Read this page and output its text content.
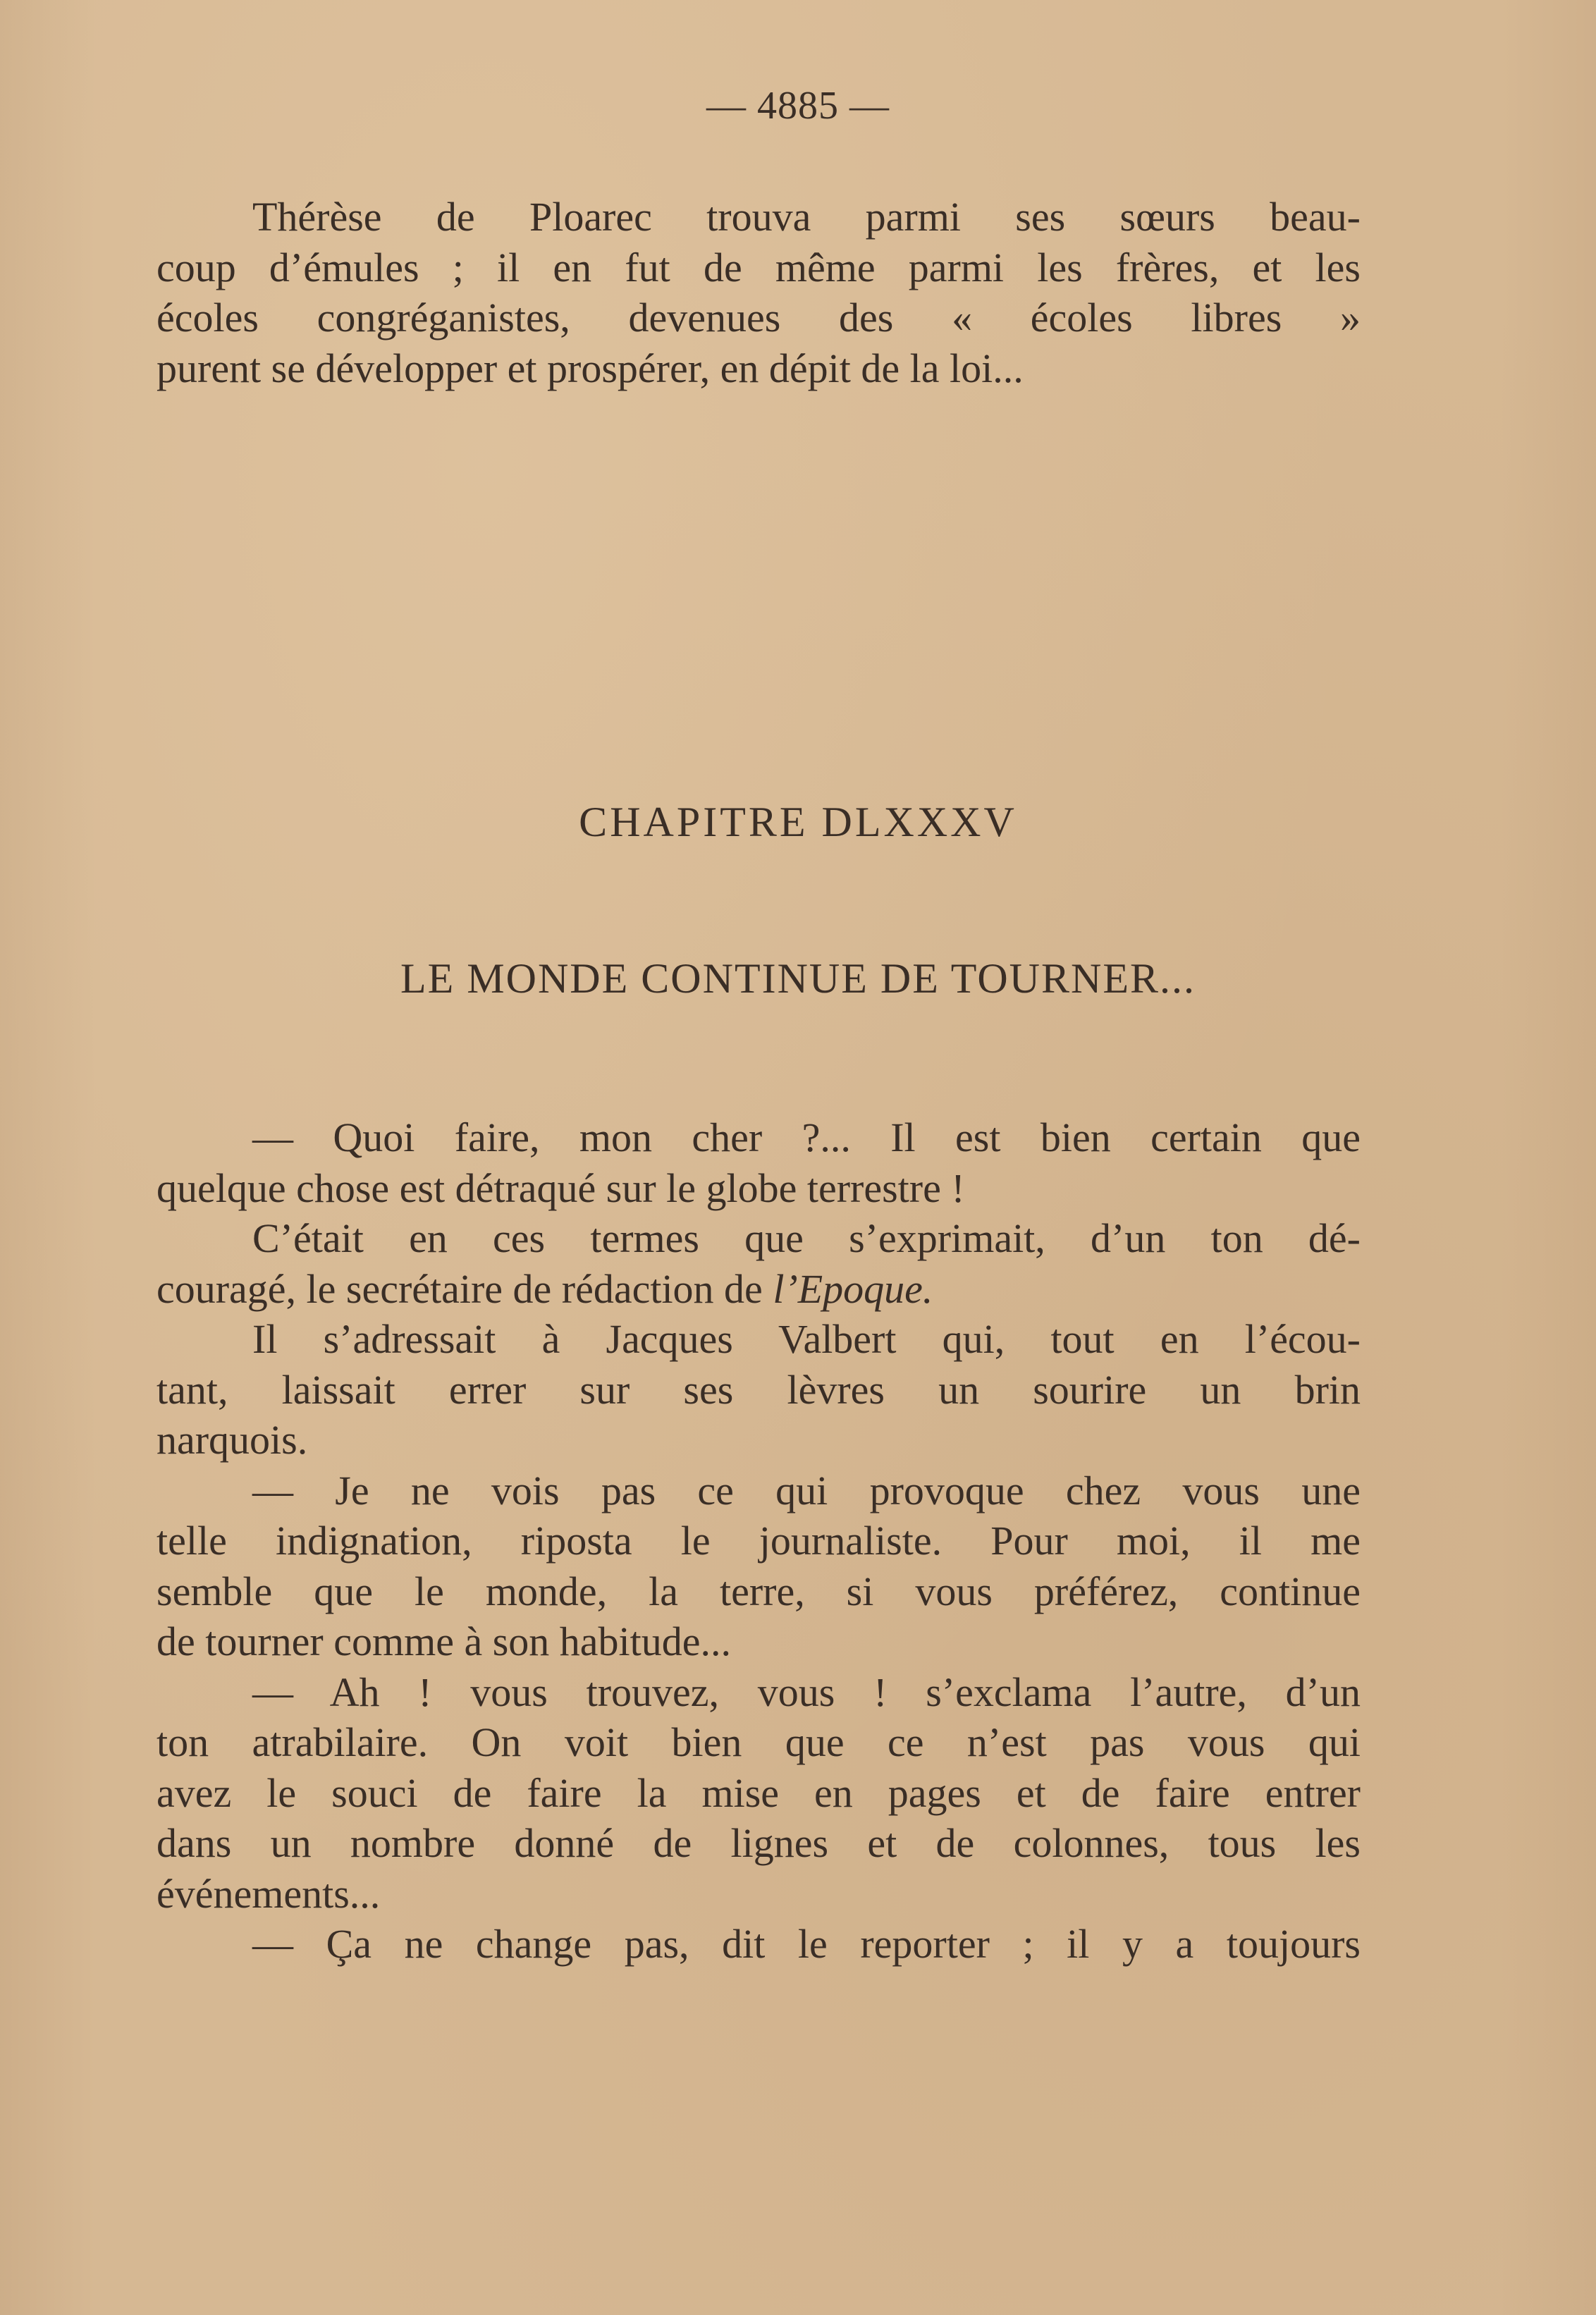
— 4885 —
Thérèse de Ploarec trouva parmi ses sœurs beau-
coup d’émules ; il en fut de même parmi les frères, et les
écoles congréganistes, devenues des « écoles libres »
purent se développer et prospérer, en dépit de la loi...
CHAPITRE DLXXXV
LE MONDE CONTINUE DE TOURNER...
— Quoi faire, mon cher ?... Il est bien certain que
quelque chose est détraqué sur le globe terrestre !
C’était en ces termes que s’exprimait, d’un ton dé-
couragé, le secrétaire de rédaction de l’Epoque.
Il s’adressait à Jacques Valbert qui, tout en l’écou-
tant, laissait errer sur ses lèvres un sourire un brin
narquois.
— Je ne vois pas ce qui provoque chez vous une
telle indignation, riposta le journaliste. Pour moi, il me
semble que le monde, la terre, si vous préférez, continue
de tourner comme à son habitude...
— Ah ! vous trouvez, vous ! s’exclama l’autre, d’un
ton atrabilaire. On voit bien que ce n’est pas vous qui
avez le souci de faire la mise en pages et de faire entrer
dans un nombre donné de lignes et de colonnes, tous les
événements...
— Ça ne change pas, dit le reporter ; il y a toujours
